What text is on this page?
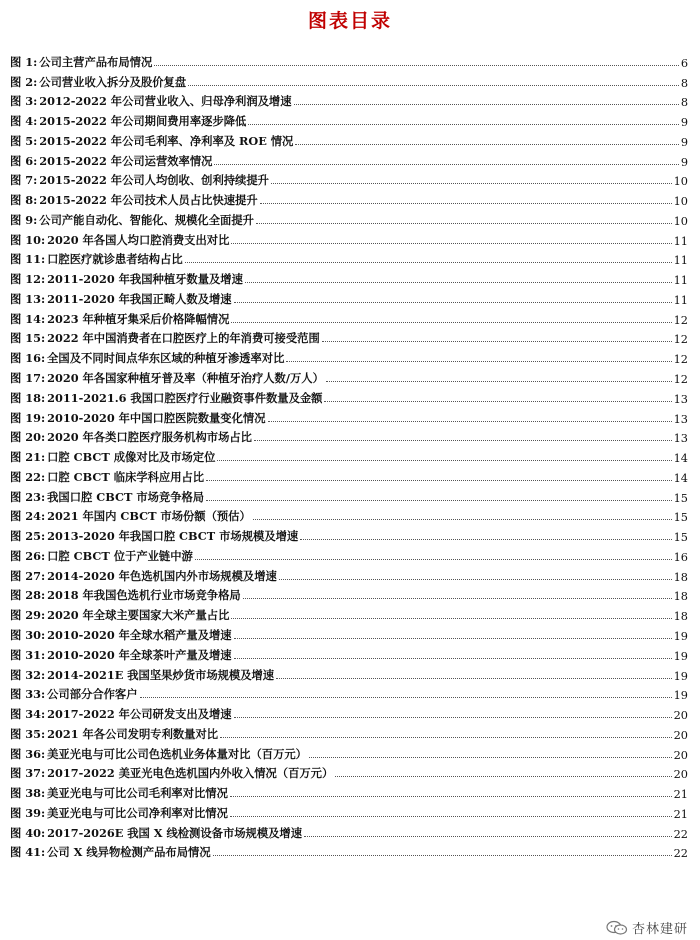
图表目录
图 1: 公司主营产品布局情况	6
图 2: 公司营业收入拆分及股价复盘	8
图 3: 2012-2022 年公司营业收入、归母净利润及增速	8
图 4: 2015-2022 年公司期间费用率逐步降低	9
图 5: 2015-2022 年公司毛利率、净利率及 ROE 情况	9
图 6: 2015-2022 年公司运营效率情况	9
图 7: 2015-2022 年公司人均创收、创利持续提升	10
图 8: 2015-2022 年公司技术人员占比快速提升	10
图 9: 公司产能自动化、智能化、规模化全面提升	10
图 10: 2020 年各国人均口腔消费支出对比	11
图 11: 口腔医疗就诊患者结构占比	11
图 12: 2011-2020 年我国种植牙数量及增速	11
图 13: 2011-2020 年我国正畸人数及增速	11
图 14: 2023 年种植牙集采后价格降幅情况	12
图 15: 2022 年中国消费者在口腔医疗上的年消费可接受范围	12
图 16: 全国及不同时间点华东区域的种植牙渗透率对比	12
图 17: 2020 年各国家种植牙普及率（种植牙治疗人数/万人）	12
图 18: 2011-2021.6 我国口腔医疗行业融资事件数量及金额	13
图 19: 2010-2020 年中国口腔医院数量变化情况	13
图 20: 2020 年各类口腔医疗服务机构市场占比	13
图 21: 口腔 CBCT 成像对比及市场定位	14
图 22: 口腔 CBCT 临床学科应用占比	14
图 23: 我国口腔 CBCT 市场竞争格局	15
图 24: 2021 年国内 CBCT 市场份额（预估）	15
图 25: 2013-2020 年我国口腔 CBCT 市场规模及增速	15
图 26: 口腔 CBCT 位于产业链中游	16
图 27: 2014-2020 年色选机国内外市场规模及增速	18
图 28: 2018 年我国色选机行业市场竞争格局	18
图 29: 2020 年全球主要国家大米产量占比	18
图 30: 2010-2020 年全球水稻产量及增速	19
图 31: 2010-2020 年全球茶叶产量及增速	19
图 32: 2014-2021E 我国坚果炒货市场规模及增速	19
图 33: 公司部分合作客户	19
图 34: 2017-2022 年公司研发支出及增速	20
图 35: 2021 年各公司发明专利数量对比	20
图 36: 美亚光电与可比公司色选机业务体量对比（百万元）	20
图 37: 2017-2022 美亚光电色选机国内外收入情况（百万元）	20
图 38: 美亚光电与可比公司毛利率对比情况	21
图 39: 美亚光电与可比公司净利率对比情况	21
图 40: 2017-2026E 我国 X 线检测设备市场规模及增速	22
图 41: 公司 X 线异物检测产品布局情况	22
杏林建研
